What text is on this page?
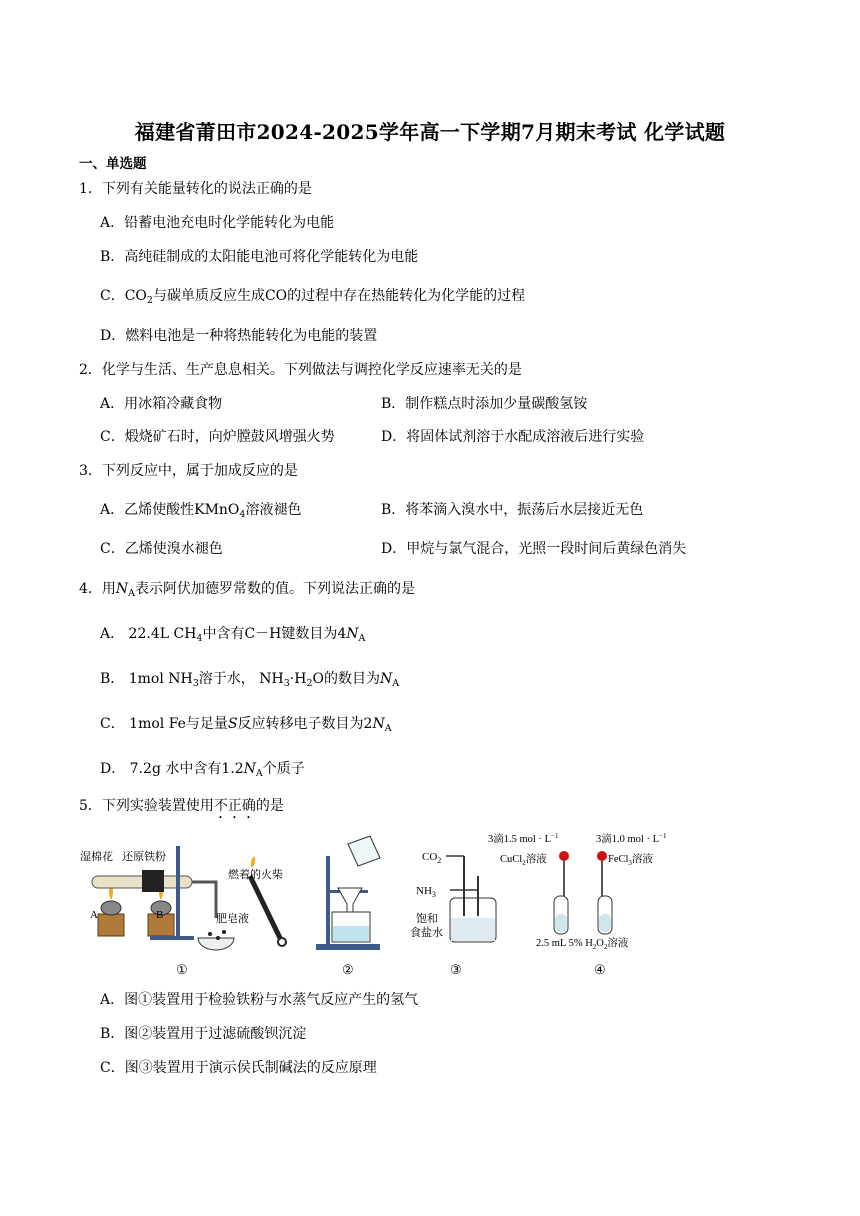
福建省莆田市2024-2025学年高一下学期7月期末考试 化学试题
一、单选题
1．下列有关能量转化的说法正确的是
A．铅蓄电池充电时化学能转化为电能
B．高纯硅制成的太阳能电池可将化学能转化为电能
C．$CO_2$与碳单质反应生成CO的过程中存在热能转化为化学能的过程
D．燃料电池是一种将热能转化为电能的装置
2．化学与生活、生产息息相关。下列做法与调控化学反应速率无关的是
A．用冰箱冷藏食物	B．制作糕点时添加少量碳酸氢铵
C．煅烧矿石时，向炉膛鼓风增强火势	D．将固体试剂溶于水配成溶液后进行实验
3．下列反应中，属于加成反应的是
A．乙烯使酸性KMnO$_4$溶液褪色	B．将苯滴入溴水中，振荡后水层接近无色
C．乙烯使溴水褪色	D．甲烷与氯气混合，光照一段时间后黄绿色消失
4．用$N_A$表示阿伏加德罗常数的值。下列说法正确的是
A． 22.4L $CH_4$中含有C－H键数目为$4N_A$
B． 1mol $NH_3$溶于水， $NH_3\cdot H_2O$的数目为$N_A$
C． 1mol Fe与足量S反应转移电子数目为$2N_A$
D． 7.2g 水中含有$1.2N_A$个质子
5．下列实验装置使用不正确的是
湿棉花 还原铁粉
A	B	肥皂液
燃着的火柴
①	②
$CO_2$
$NH_3$
饱和
食盐水
③
3滴1.5 mol · $L^{-1}$
CuCl$_2$溶液
3滴1.0 mol · $L^{-1}$
FeCl$_3$溶液
2.5 mL 5% $H_2O_2$溶液
④
A．图①装置用于检验铁粉与水蒸气反应产生的氢气
B．图②装置用于过滤硫酸钡沉淀
C．图③装置用于演示侯氏制碱法的反应原理
